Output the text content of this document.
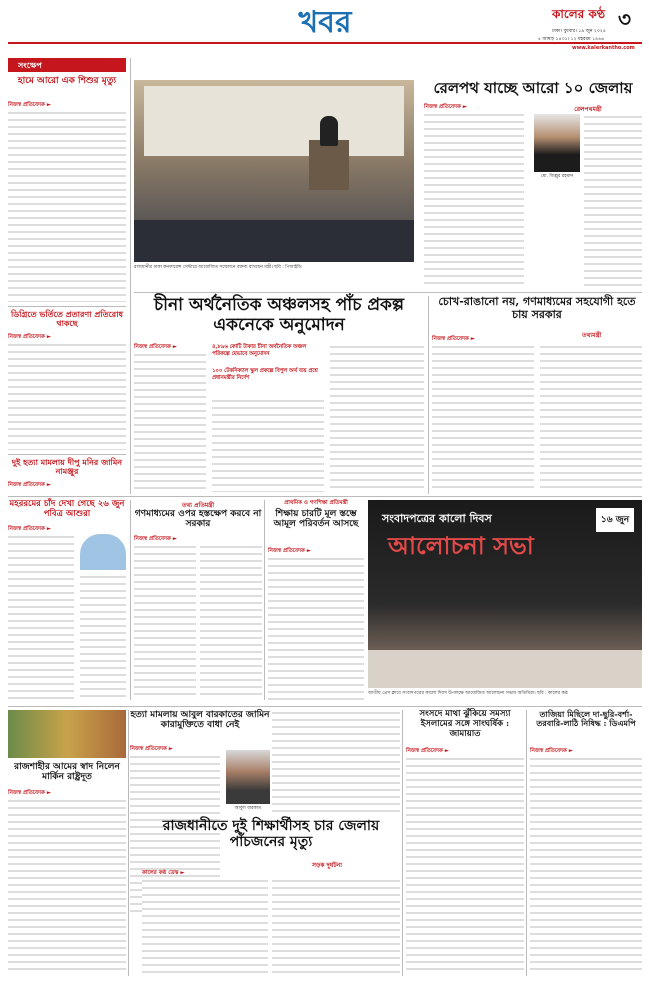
খবর	কালের কণ্ঠ
ঢাকা। বুধবার। ১৯ জুন ২০২৪
৫ আষাঢ় ১৪৩১। ১২ মহররম ১৪৪৬
৩
www.kalerkantho.com
সংক্ষেপ
হামে আরো এক শিশুর মৃত্যু
নিজস্ব প্রতিবেদক ►
ডিগ্রিতে ভর্তিতে প্রতারণা প্রতিরোধ থাকছে
নিজস্ব প্রতিবেদক ►
দুই হত্যা মামলায় দীপু মনির জামিন নামঞ্জুর
নিজস্ব প্রতিবেদক ►
রেলপথ যাচ্ছে আরো ১০ জেলায়
রাজধানীর ঢাকা কনফারেন্স সেন্টারে আয়োজিত সম্মেলনে বক্তব্য রাখছেন মন্ত্রী। ছবি : পিআইডি
নিজস্ব প্রতিবেদক ►	রেলপথমন্ত্রী
মো. জিল্লুর রহমান
চীনা অর্থনৈতিক অঞ্চলসহ পাঁচ প্রকল্প একনেকে অনুমোদন
নিজস্ব প্রতিবেদক ►	৪,৮৯৬ কোটি টাকার চীনা অর্থনৈতিক অঞ্চল পরিকল্পে যেভাবে অনুমোদন
১০০ টেকনিক্যাল স্কুল প্রকল্পে বিপুল অর্থ ব্যয় প্রশ্নে প্রধানমন্ত্রীর নির্দেশ
চোখ-রাঙানো নয়, গণমাধ্যমের সহযোগী হতে চায় সরকার
তথ্যমন্ত্রী
নিজস্ব প্রতিবেদক ►
মহররমের চাঁদ দেখা গেছে ২৬ জুন পবিত্র আশুরা
নিজস্ব প্রতিবেদক ►
তথ্য প্রতিমন্ত্রী
গণমাধ্যমের ওপর হস্তক্ষেপ করবে না সরকার
নিজস্ব প্রতিবেদক ►
প্রাথমিক ও গণশিক্ষা প্রতিমন্ত্রী
শিক্ষায় চারটি মূল স্তম্ভে আমূল পরিবর্তন আসছে
নিজস্ব প্রতিবেদক ►
সংবাদপত্রের কালো দিবস
আলোচনা সভা
১৬ জুন
জাতীয় প্রেস ক্লাবে সংবাদপত্রের কালো দিবস উপলক্ষে আয়োজিত আলোচনা সভায় অতিথিরা। ছবি : কালের কণ্ঠ
হত্যা মামলায় আবুল বারকাতের জামিন কারামুক্তিতে বাধা নেই
নিজস্ব প্রতিবেদক ►
আবুল বারকাত
রাজশাহীর আমের স্বাদ নিলেন মার্কিন রাষ্ট্রদূত
নিজস্ব প্রতিবেদক ►
রাজধানীতে দুই শিক্ষার্থীসহ চার জেলায় পাঁচজনের মৃত্যু
সড়ক দুর্ঘটনা
কালের কণ্ঠ ডেস্ক ►
সংসদে মাথা ঝুঁকিয়ে সমস্যা ইসলামের সঙ্গে সাংঘর্ষিক : জামায়াত
নিজস্ব প্রতিবেদক ►
তাজিয়া মিছিলে দা-ছুরি-বর্শা-তরবারি-লাঠি নিষিদ্ধ : ডিএমপি
নিজস্ব প্রতিবেদক ►
